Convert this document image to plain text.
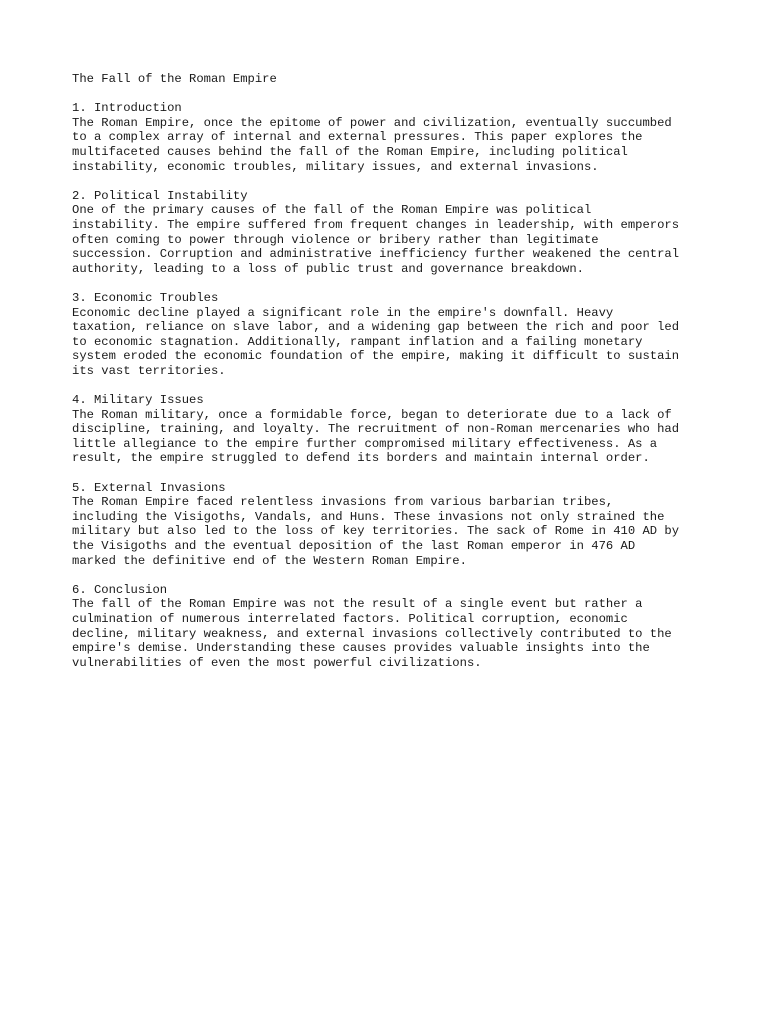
The Fall of the Roman Empire
1. Introduction

The Roman Empire, once the epitome of power and civilization, eventually succumbed
to a complex array of internal and external pressures. This paper explores the
multifaceted causes behind the fall of the Roman Empire, including political
instability, economic troubles, military issues, and external invasions.

2. Political Instability

One of the primary causes of the fall of the Roman Empire was political
instability. The empire suffered from frequent changes in leadership, with emperors
often coming to power through violence or bribery rather than legitimate
succession. Corruption and administrative inefficiency further weakened the central
authority, leading to a loss of public trust and governance breakdown.

3. Economic Troubles

Economic decline played a significant role in the empire's downfall. Heavy
taxation, reliance on slave labor, and a widening gap between the rich and poor led
to economic stagnation. Additionally, rampant inflation and a failing monetary
system eroded the economic foundation of the empire, making it difficult to sustain
its vast territories.

4. Military Issues

The Roman military, once a formidable force, began to deteriorate due to a lack of
discipline, training, and loyalty. The recruitment of non-Roman mercenaries who had
little allegiance to the empire further compromised military effectiveness. As a
result, the empire struggled to defend its borders and maintain internal order.

5. External Invasions

The Roman Empire faced relentless invasions from various barbarian tribes,
including the Visigoths, Vandals, and Huns. These invasions not only strained the
military but also led to the loss of key territories. The sack of Rome in 410 AD by
the Visigoths and the eventual deposition of the last Roman emperor in 476 AD
marked the definitive end of the Western Roman Empire.

6. Conclusion

The fall of the Roman Empire was not the result of a single event but rather a
culmination of numerous interrelated factors. Political corruption, economic
decline, military weakness, and external invasions collectively contributed to the
empire's demise. Understanding these causes provides valuable insights into the
vulnerabilities of even the most powerful civilizations.
